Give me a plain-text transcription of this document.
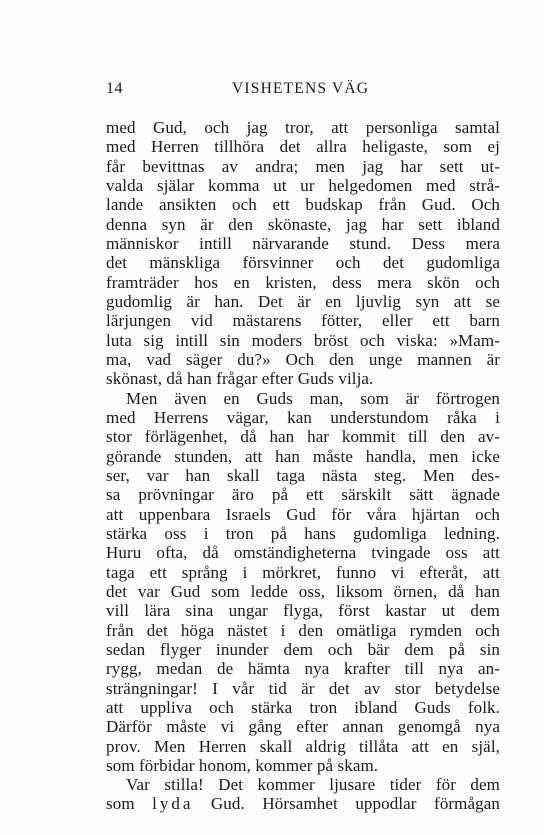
14	VISHETENS VÄG
med Gud, och jag tror, att personliga samtal
med Herren tillhöra det allra heligaste, som ej
får bevittnas av andra; men jag har sett ut-
valda själar komma ut ur helgedomen med strå-
lande ansikten och ett budskap från Gud. Och
denna syn är den skönaste, jag har sett ibland
människor intill närvarande stund. Dess mera
det mänskliga försvinner och det gudomliga
framträder hos en kristen, dess mera skön och
gudomlig är han. Det är en ljuvlig syn att se
lärjungen vid mästarens fötter, eller ett barn
luta sig intill sin moders bröst och viska: »Mam-
ma, vad säger du?» Och den unge mannen är
skönast, då han frågar efter Guds vilja.
Men även en Guds man, som är förtrogen
med Herrens vägar, kan understundom råka i
stor förlägenhet, då han har kommit till den av-
görande stunden, att han måste handla, men icke
ser, var han skall taga nästa steg. Men des-
sa prövningar äro på ett särskilt sätt ägnade
att uppenbara Israels Gud för våra hjärtan och
stärka oss i tron på hans gudomliga ledning.
Huru ofta, då omständigheterna tvingade oss att
taga ett språng i mörkret, funno vi efteråt, att
det var Gud som ledde oss, liksom örnen, då han
vill lära sina ungar flyga, först kastar ut dem
från det höga nästet i den omätliga rymden och
sedan flyger inunder dem och bär dem på sin
rygg, medan de hämta nya krafter till nya an-
strängningar! I vår tid är det av stor betydelse
att uppliva och stärka tron ibland Guds folk.
Därför måste vi gång efter annan genomgå nya
prov. Men Herren skall aldrig tillåta att en själ,
som förbidar honom, kommer på skam.
Var stilla! Det kommer ljusare tider för dem
som lyda Gud. Hörsamhet uppodlar förmågan
